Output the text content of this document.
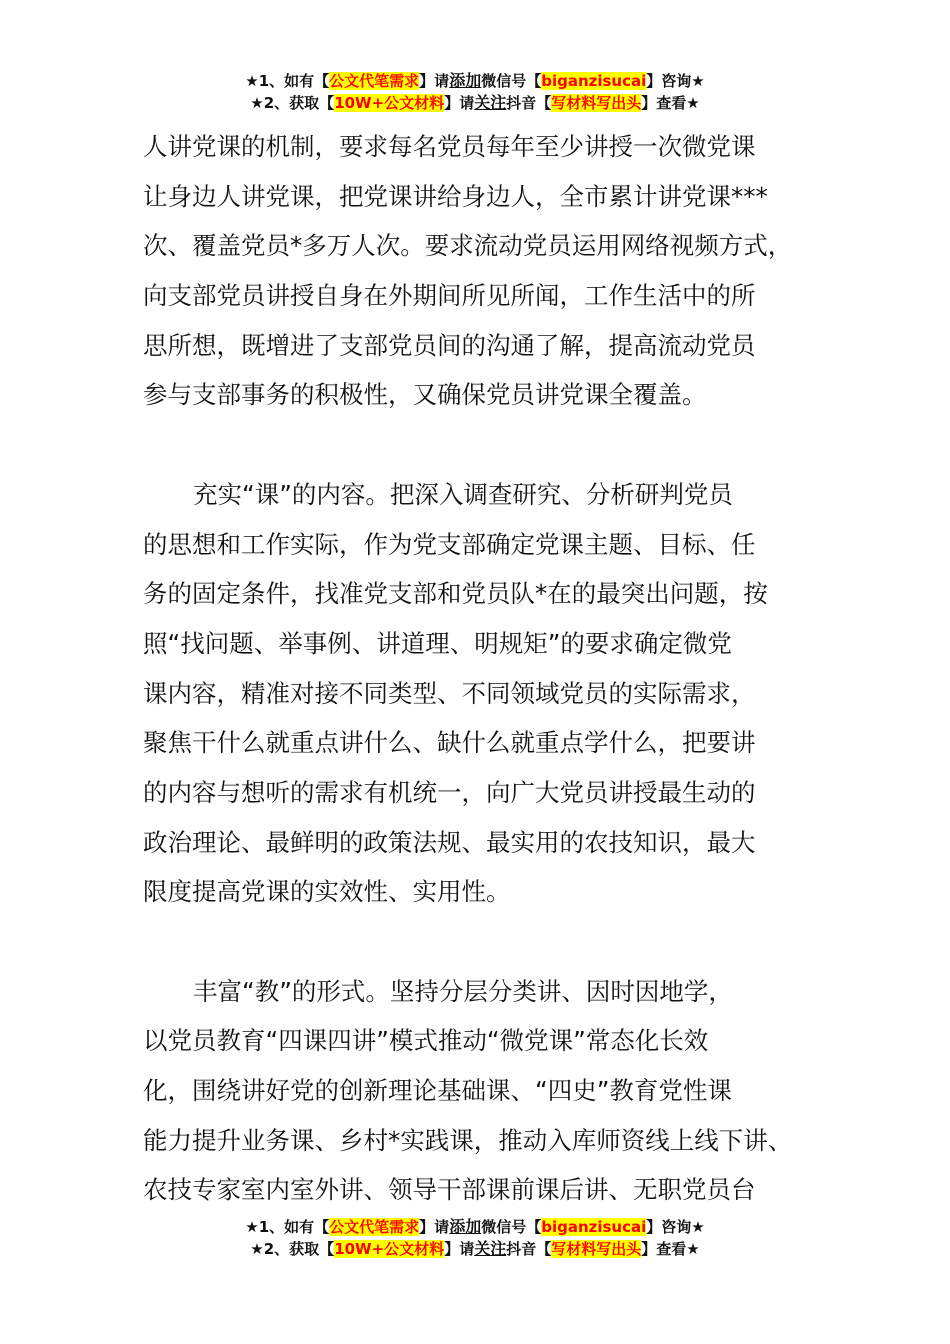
★1、如有【公文代笔需求】请添加微信号【biganzisucai】咨询★
★2、获取【10W+公文材料】请关注抖音【写材料写出头】查看★
人讲党课的机制，要求每名党员每年至少讲授一次微党课
让身边人讲党课，把党课讲给身边人，全市累计讲党课***
次、覆盖党员*多万人次。要求流动党员运用网络视频方式，
向支部党员讲授自身在外期间所见所闻，工作生活中的所
思所想，既增进了支部党员间的沟通了解，提高流动党员
参与支部事务的积极性，又确保党员讲党课全覆盖。
充实“课”的内容。把深入调查研究、分析研判党员
的思想和工作实际，作为党支部确定党课主题、目标、任
务的固定条件，找准党支部和党员队*在的最突出问题，按
照“找问题、举事例、讲道理、明规矩”的要求确定微党
课内容，精准对接不同类型、不同领域党员的实际需求，
聚焦干什么就重点讲什么、缺什么就重点学什么，把要讲
的内容与想听的需求有机统一，向广大党员讲授最生动的
政治理论、最鲜明的政策法规、最实用的农技知识，最大
限度提高党课的实效性、实用性。
丰富“教”的形式。坚持分层分类讲、因时因地学，
以党员教育“四课四讲”模式推动“微党课”常态化长效
化，围绕讲好党的创新理论基础课、“四史”教育党性课
能力提升业务课、乡村*实践课，推动入库师资线上线下讲、
农技专家室内室外讲、领导干部课前课后讲、无职党员台
★1、如有【公文代笔需求】请添加微信号【biganzisucai】咨询★
★2、获取【10W+公文材料】请关注抖音【写材料写出头】查看★
